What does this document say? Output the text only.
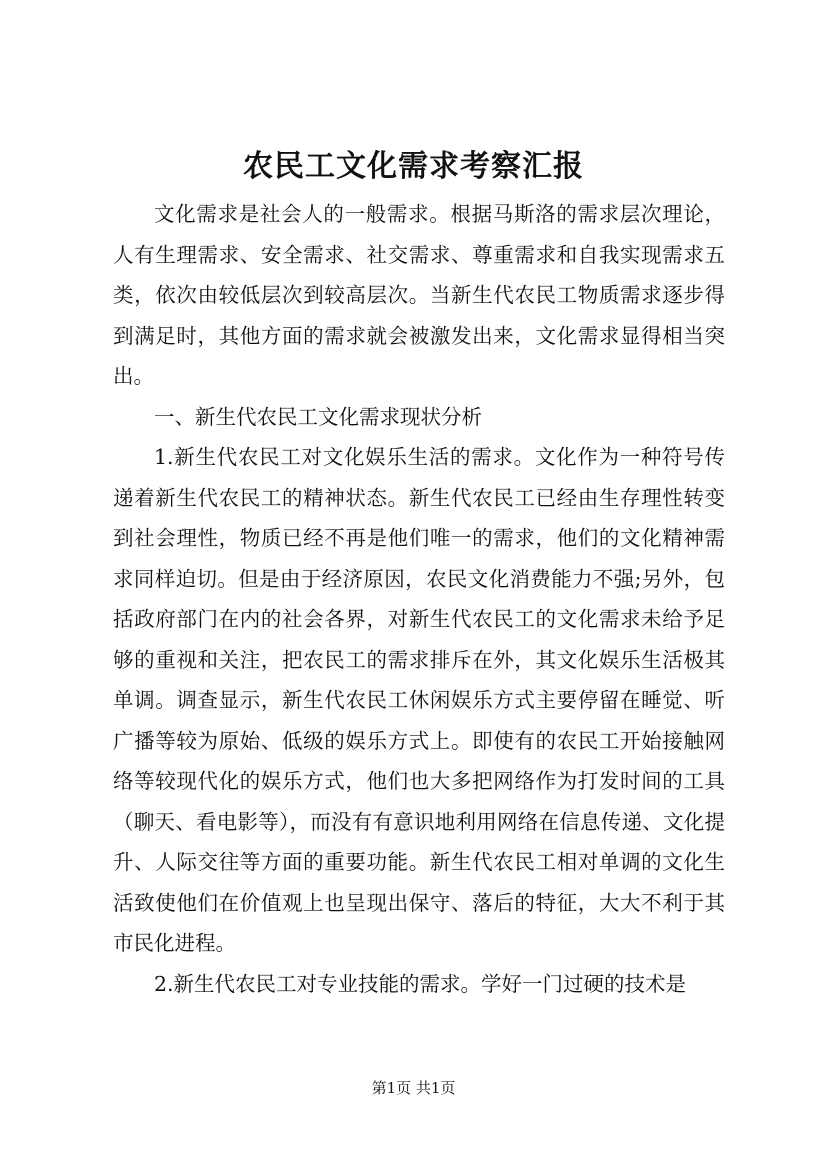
农民工文化需求考察汇报

文化需求是社会人的一般需求。根据马斯洛的需求层次理论，人有生理需求、安全需求、社交需求、尊重需求和自我实现需求五类，依次由较低层次到较高层次。当新生代农民工物质需求逐步得到满足时，其他方面的需求就会被激发出来，文化需求显得相当突出。

一、新生代农民工文化需求现状分析

1.新生代农民工对文化娱乐生活的需求。文化作为一种符号传递着新生代农民工的精神状态。新生代农民工已经由生存理性转变到社会理性，物质已经不再是他们唯一的需求，他们的文化精神需求同样迫切。但是由于经济原因，农民文化消费能力不强;另外，包括政府部门在内的社会各界，对新生代农民工的文化需求未给予足够的重视和关注，把农民工的需求排斥在外，其文化娱乐生活极其单调。调查显示，新生代农民工休闲娱乐方式主要停留在睡觉、听广播等较为原始、低级的娱乐方式上。即使有的农民工开始接触网络等较现代化的娱乐方式，他们也大多把网络作为打发时间的工具（聊天、看电影等），而没有有意识地利用网络在信息传递、文化提升、人际交往等方面的重要功能。新生代农民工相对单调的文化生活致使他们在价值观上也呈现出保守、落后的特征，大大不利于其市民化进程。

2.新生代农民工对专业技能的需求。学好一门过硬的技术是

第1页 共1页
